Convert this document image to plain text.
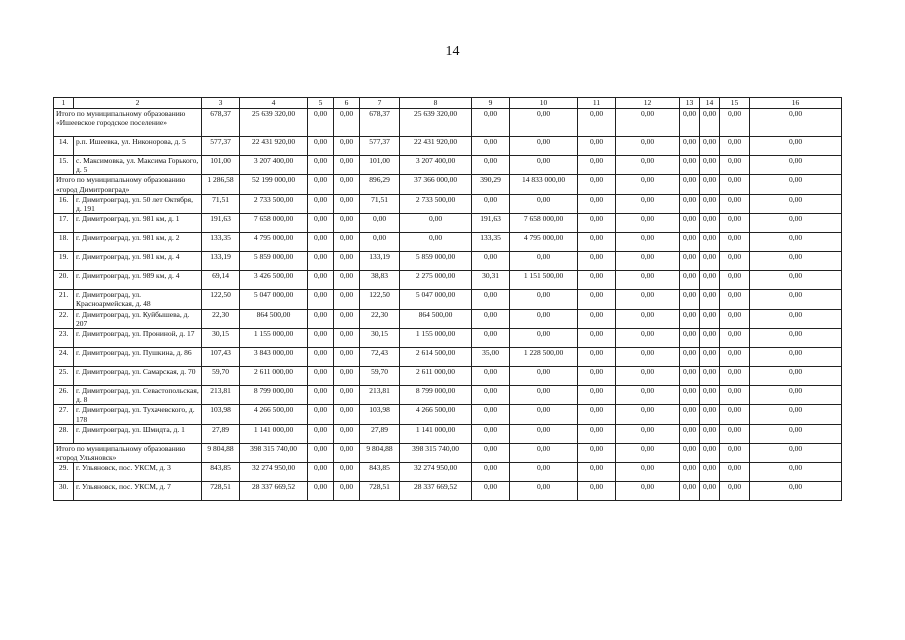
14
1	2	3	4	5	6	7	8	9	10	11	12	13	14	15	16
Итого по муниципальному образованию «Ишеевское городское поселение»		678,37	25 639 320,00	0,00	0,00	678,37	25 639 320,00	0,00	0,00	0,00	0,00	0,00	0,00	0,00	0,00
14.	р.п. Ишеевка, ул. Никонорова, д. 5	577,37	22 431 920,00	0,00	0,00	577,37	22 431 920,00	0,00	0,00	0,00	0,00	0,00	0,00	0,00	0,00
15.	с. Максимовка, ул. Максима Горького, д. 5	101,00	3 207 400,00	0,00	0,00	101,00	3 207 400,00	0,00	0,00	0,00	0,00	0,00	0,00	0,00	0,00
Итого по муниципальному образованию «город Димитровград»		1 286,58	52 199 000,00	0,00	0,00	896,29	37 366 000,00	390,29	14 833 000,00	0,00	0,00	0,00	0,00	0,00	0,00
16.	г. Димитровград, ул. 50 лет Октября, д. 191	71,51	2 733 500,00	0,00	0,00	71,51	2 733 500,00	0,00	0,00	0,00	0,00	0,00	0,00	0,00	0,00
17.	г. Димитровград, ул. 981 км, д. 1	191,63	7 658 000,00	0,00	0,00	0,00	0,00	191,63	7 658 000,00	0,00	0,00	0,00	0,00	0,00	0,00
18.	г. Димитровград, ул. 981 км, д. 2	133,35	4 795 000,00	0,00	0,00	0,00	0,00	133,35	4 795 000,00	0,00	0,00	0,00	0,00	0,00	0,00
19.	г. Димитровград, ул. 981 км, д. 4	133,19	5 859 000,00	0,00	0,00	133,19	5 859 000,00	0,00	0,00	0,00	0,00	0,00	0,00	0,00	0,00
20.	г. Димитровград, ул. 989 км, д. 4	69,14	3 426 500,00	0,00	0,00	38,83	2 275 000,00	30,31	1 151 500,00	0,00	0,00	0,00	0,00	0,00	0,00
21.	г. Димитровград, ул. Красноармейская, д. 48	122,50	5 047 000,00	0,00	0,00	122,50	5 047 000,00	0,00	0,00	0,00	0,00	0,00	0,00	0,00	0,00
22.	г. Димитровград, ул. Куйбышева, д. 207	22,30	864 500,00	0,00	0,00	22,30	864 500,00	0,00	0,00	0,00	0,00	0,00	0,00	0,00	0,00
23.	г. Димитровград, ул. Прониной, д. 17	30,15	1 155 000,00	0,00	0,00	30,15	1 155 000,00	0,00	0,00	0,00	0,00	0,00	0,00	0,00	0,00
24.	г. Димитровград, ул. Пушкина, д. 86	107,43	3 843 000,00	0,00	0,00	72,43	2 614 500,00	35,00	1 228 500,00	0,00	0,00	0,00	0,00	0,00	0,00
25.	г. Димитровград, ул. Самарская, д. 70	59,70	2 611 000,00	0,00	0,00	59,70	2 611 000,00	0,00	0,00	0,00	0,00	0,00	0,00	0,00	0,00
26.	г. Димитровград, ул. Севастопольская, д. 8	213,81	8 799 000,00	0,00	0,00	213,81	8 799 000,00	0,00	0,00	0,00	0,00	0,00	0,00	0,00	0,00
27.	г. Димитровград, ул. Тухачевского, д. 178	103,98	4 266 500,00	0,00	0,00	103,98	4 266 500,00	0,00	0,00	0,00	0,00	0,00	0,00	0,00	0,00
28.	г. Димитровград, ул. Шмидта, д. 1	27,89	1 141 000,00	0,00	0,00	27,89	1 141 000,00	0,00	0,00	0,00	0,00	0,00	0,00	0,00	0,00
Итого по муниципальному образованию «город Ульяновск»		9 804,88	398 315 740,00	0,00	0,00	9 804,88	398 315 740,00	0,00	0,00	0,00	0,00	0,00	0,00	0,00	0,00
29.	г. Ульяновск, пос. УКСМ, д. 3	843,85	32 274 950,00	0,00	0,00	843,85	32 274 950,00	0,00	0,00	0,00	0,00	0,00	0,00	0,00	0,00
30.	г. Ульяновск, пос. УКСМ, д. 7	728,51	28 337 669,52	0,00	0,00	728,51	28 337 669,52	0,00	0,00	0,00	0,00	0,00	0,00	0,00	0,00
